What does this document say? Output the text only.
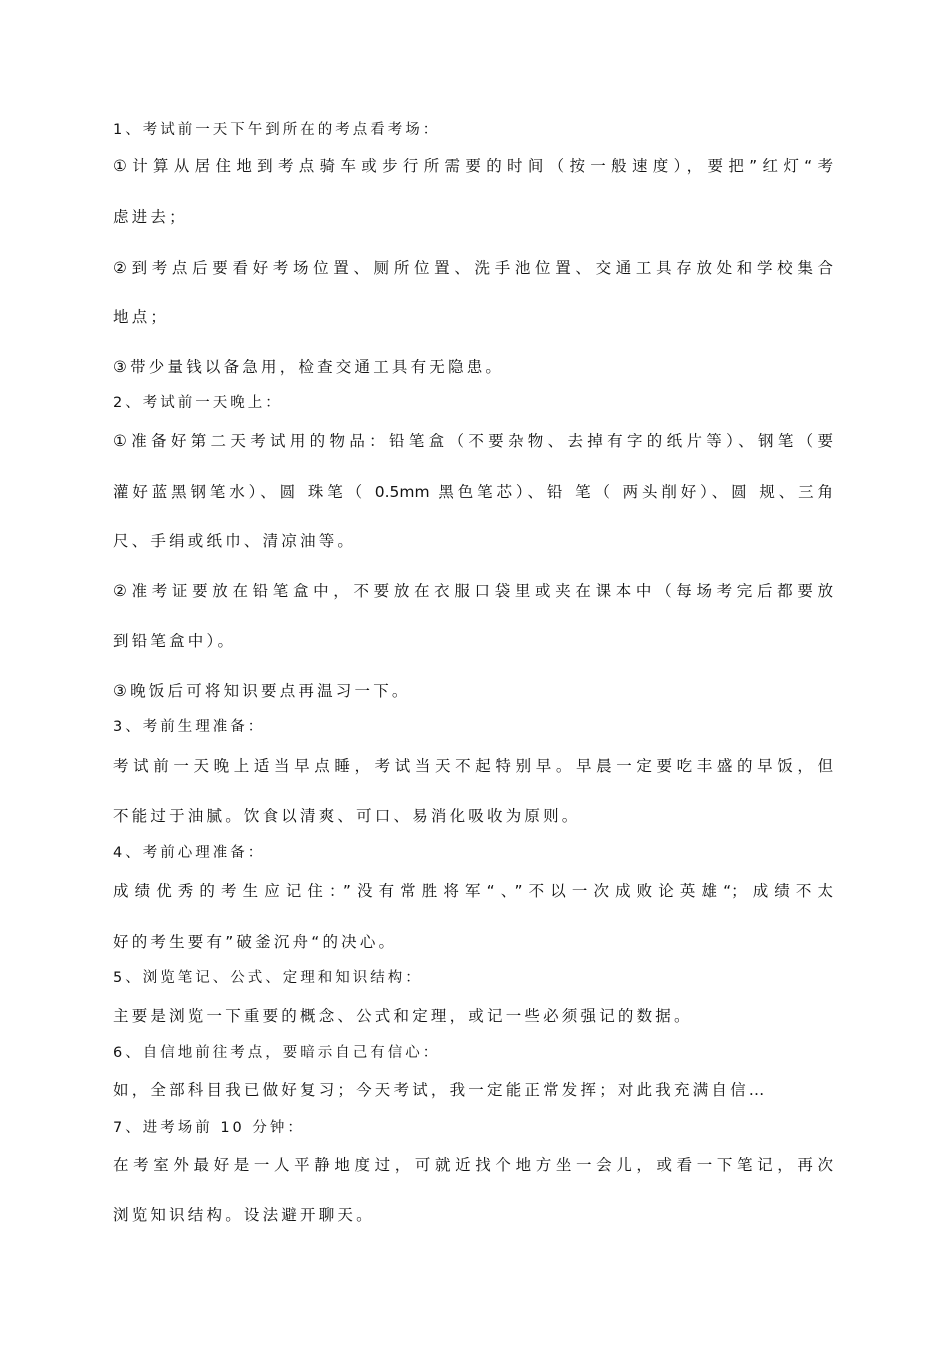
1、考试前一天下午到所在的考点看考场：
①计算从居住地到考点骑车或步行所需要的时间（按一般速度），要把”红灯“考
虑进去；
②到考点后要看好考场位置、厕所位置、洗手池位置、交通工具存放处和学校集合
地点；
③带少量钱以备急用，检查交通工具有无隐患。
2、考试前一天晚上：
①准备好第二天考试用的物品：铅笔盒（不要杂物、去掉有字的纸片等）、钢笔（要
灌好蓝黑钢笔水）、圆 珠笔（ 0.5mm 黑色笔芯）、铅 笔（ 两头削好）、圆 规、三角
尺、手绢或纸巾、清凉油等。
②准考证要放在铅笔盒中，不要放在衣服口袋里或夹在课本中（每场考完后都要放
到铅笔盒中）。
③晚饭后可将知识要点再温习一下。
3、考前生理准备：
考试前一天晚上适当早点睡，考试当天不起特别早。早晨一定要吃丰盛的早饭，但
不能过于油腻。饮食以清爽、可口、易消化吸收为原则。
4、考前心理准备：
成绩优秀的考生应记住：”没有常胜将军“、”不以一次成败论英雄“；成绩不太
好的考生要有”破釜沉舟“的决心。
5、浏览笔记、公式、定理和知识结构：
主要是浏览一下重要的概念、公式和定理，或记一些必须强记的数据。
6、自信地前往考点，要暗示自己有信心：
如，全部科目我已做好复习；今天考试，我一定能正常发挥；对此我充满自信…
7、进考场前 10 分钟：
在考室外最好是一人平静地度过，可就近找个地方坐一会儿，或看一下笔记，再次
浏览知识结构。设法避开聊天。
